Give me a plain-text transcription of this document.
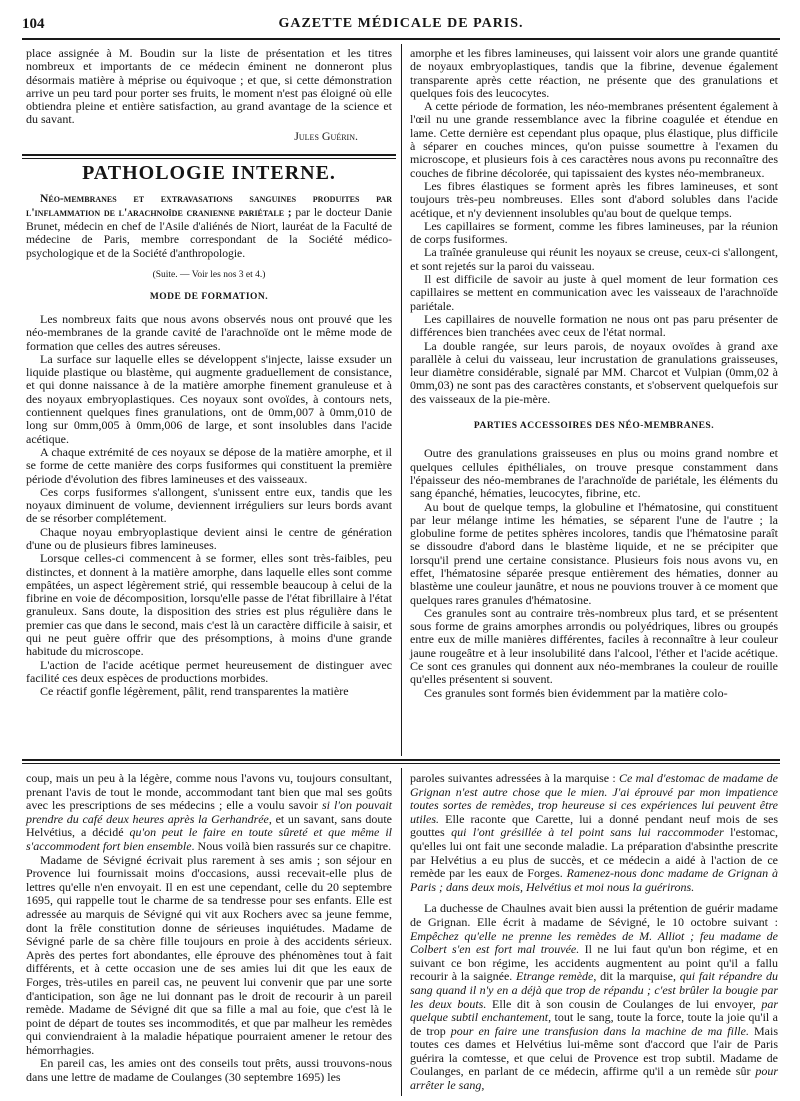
104	GAZETTE MÉDICALE DE PARIS.

place assignée à M. Boudin sur la liste de présentation et les titres nombreux et importants de ce médecin éminent ne donneront plus désormais matière à méprise ou équivoque ; et que, si cette démonstration arrive un peu tard pour porter ses fruits, le moment n'est pas éloigné où elle obtiendra pleine et entière satisfaction, au grand avantage de la science et du savant.

Jules Guérin.
PATHOLOGIE INTERNE.
Néo-membranes et extravasations sanguines produites par l'inflammation de l'arachnoïde cranienne pariétale ; par le docteur Danie Brunet, médecin en chef de l'Asile d'aliénés de Niort, lauréat de la Faculté de médecine de Paris, membre correspondant de la Société médico-psychologique et de la Société d'anthropologie.
(Suite. — Voir les nos 3 et 4.)
MODE DE FORMATION.

Les nombreux faits que nous avons observés nous ont prouvé que les néo-membranes de la grande cavité de l'arachnoïde ont le même mode de formation que celles des autres séreuses.

La surface sur laquelle elles se développent s'injecte, laisse exsuder un liquide plastique ou blastème, qui augmente graduellement de consistance, et qui donne naissance à de la matière amorphe finement granuleuse et à des noyaux embryoplastiques. Ces noyaux sont ovoïdes, à contours nets, contiennent quelques fines granulations, ont de 0mm,007 à 0mm,010 de long sur 0mm,005 à 0mm,006 de large, et sont insolubles dans l'acide acétique.

A chaque extrémité de ces noyaux se dépose de la matière amorphe, et il se forme de cette manière des corps fusiformes qui constituent la première période d'évolution des fibres lamineuses et des vaisseaux.

Ces corps fusiformes s'allongent, s'unissent entre eux, tandis que les noyaux diminuent de volume, deviennent irréguliers sur leurs bords avant de se résorber complétement.

Chaque noyau embryoplastique devient ainsi le centre de génération d'une ou de plusieurs fibres lamineuses.

Lorsque celles-ci commencent à se former, elles sont très-faibles, peu distinctes, et donnent à la matière amorphe, dans laquelle elles sont comme empâtées, un aspect légèrement strié, qui ressemble beaucoup à celui de la fibrine en voie de décomposition, lorsqu'elle passe de l'état fibrillaire à l'état granuleux. Sans doute, la disposition des stries est plus régulière dans le premier cas que dans le second, mais c'est là un caractère difficile à saisir, et qui ne peut guère offrir que des présomptions, à moins d'une grande habitude du microscope.

L'action de l'acide acétique permet heureusement de distinguer avec facilité ces deux espèces de productions morbides.

Ce réactif gonfle légèrement, pâlit, rend transparentes la matière

amorphe et les fibres lamineuses, qui laissent voir alors une grande quantité de noyaux embryoplastiques, tandis que la fibrine, devenue également transparente après cette réaction, ne présente que des granulations et quelques fois des leucocytes.

A cette période de formation, les néo-membranes présentent également à l'œil nu une grande ressemblance avec la fibrine coagulée et étendue en lame. Cette dernière est cependant plus opaque, plus élastique, plus difficile à séparer en couches minces, qu'on puisse soumettre à l'examen du microscope, et plusieurs fois à ces caractères nous avons pu reconnaître des couches de fibrine décolorée, qui tapissaient des kystes néo-membraneux.

Les fibres élastiques se forment après les fibres lamineuses, et sont toujours très-peu nombreuses. Elles sont d'abord solubles dans l'acide acétique, et n'y deviennent insolubles qu'au bout de quelque temps.

Les capillaires se forment, comme les fibres lamineuses, par la réunion de corps fusiformes.

La traînée granuleuse qui réunit les noyaux se creuse, ceux-ci s'allongent, et sont rejetés sur la paroi du vaisseau.

Il est difficile de savoir au juste à quel moment de leur formation ces capillaires se mettent en communication avec les vaisseaux de l'arachnoïde pariétale.

Les capillaires de nouvelle formation ne nous ont pas paru présenter de différences bien tranchées avec ceux de l'état normal.

La double rangée, sur leurs parois, de noyaux ovoïdes à grand axe parallèle à celui du vaisseau, leur incrustation de granulations graisseuses, leur diamètre considérable, signalé par MM. Charcot et Vulpian (0mm,02 à 0mm,03) ne sont pas des caractères constants, et s'observent quelquefois sur des vaisseaux de la pie-mère.

PARTIES ACCESSOIRES DES NÉO-MEMBRANES.

Outre des granulations graisseuses en plus ou moins grand nombre et quelques cellules épithéliales, on trouve presque constamment dans l'épaisseur des néo-membranes de l'arachnoïde de pariétale, les éléments du sang épanché, hématies, leucocytes, fibrine, etc.

Au bout de quelque temps, la globuline et l'hématosine, qui constituent par leur mélange intime les hématies, se séparent l'une de l'autre ; la globuline forme de petites sphères incolores, tandis que l'hématosine paraît se dissoudre d'abord dans le blastème liquide, et ne se précipiter que lorsqu'il prend une certaine consistance. Plusieurs fois nous avons vu, en effet, l'hématosine séparée presque entièrement des hématies, donner au blastème une couleur jaunâtre, et nous ne pouvions trouver à ce moment que quelques rares granules d'hématosine.

Ces granules sont au contraire très-nombreux plus tard, et se présentent sous forme de grains amorphes arrondis ou polyédriques, libres ou groupés entre eux de mille manières différentes, faciles à reconnaître à leur couleur jaune rougeâtre et à leur insolubilité dans l'alcool, l'éther et l'acide acétique. Ce sont ces granules qui donnent aux néo-membranes la couleur de rouille qu'elles présentent si souvent.

Ces granules sont formés bien évidemment par la matière colo-

coup, mais un peu à la légère, comme nous l'avons vu, toujours consultant, prenant l'avis de tout le monde, accommodant tant bien que mal ses goûts avec les prescriptions de ses médecins ; elle a voulu savoir si l'on pouvait prendre du café deux heures après la Gerhandrée, et un savant, sans doute Helvétius, a décidé qu'on peut le faire en toute sûreté et que même il s'accommodent fort bien ensemble. Nous voilà bien rassurés sur ce chapitre.

Madame de Sévigné écrivait plus rarement à ses amis ; son séjour en Provence lui fournissait moins d'occasions, aussi recevait-elle plus de lettres qu'elle n'en envoyait. Il en est une cependant, celle du 20 septembre 1695, qui rappelle tout le charme de sa tendresse pour ses enfants. Elle est adressée au marquis de Sévigné qui vit aux Rochers avec sa jeune femme, dont la frêle constitution donne de sérieuses inquiétudes. Madame de Sévigné parle de sa chère fille toujours en proie à des accidents sérieux. Après des pertes fort abondantes, elle éprouve des phénomènes tout à fait différents, et à cette occasion une de ses amies lui dit que les eaux de Forges, très-utiles en pareil cas, ne peuvent lui convenir que par une sorte d'anticipation, son âge ne lui donnant pas le droit de recourir à un pareil remède. Madame de Sévigné dit que sa fille a mal au foie, que c'est là le point de départ de toutes ses incommodités, et que par malheur les remèdes qui conviendraient à la maladie hépatique pourraient amener le retour des hémorrhagies.

En pareil cas, les amies ont des conseils tout prêts, aussi trouvons-nous dans une lettre de madame de Coulanges (30 septembre 1695) les

paroles suivantes adressées à la marquise : Ce mal d'estomac de madame de Grignan n'est autre chose que le mien. J'ai éprouvé par mon impatience toutes sortes de remèdes, trop heureuse si ces expériences lui peuvent être utiles. Elle raconte que Carette, lui a donné pendant neuf mois de ses gouttes qui l'ont grésillée à tel point sans lui raccommoder l'estomac, qu'elles lui ont fait une seconde maladie. La préparation d'absinthe prescrite par Helvétius a eu plus de succès, et ce médecin a aidé à l'action de ce remède par les eaux de Forges. Ramenez-nous donc madame de Grignan à Paris ; dans deux mois, Helvétius et moi nous la guérirons.

La duchesse de Chaulnes avait bien aussi la prétention de guérir madame de Grignan. Elle écrit à madame de Sévigné, le 10 octobre suivant : Empêchez qu'elle ne prenne les remèdes de M. Alliot ; feu madame de Colbert s'en est fort mal trouvée. Il ne lui faut qu'un bon régime, et en suivant ce bon régime, les accidents augmentent au point qu'il a fallu recourir à la saignée. Etrange remède, dit la marquise, qui fait répandre du sang quand il n'y en a déjà que trop de répandu ; c'est brûler la bougie par les deux bouts. Elle dit à son cousin de Coulanges de lui envoyer, par quelque subtil enchantement, tout le sang, toute la force, toute la joie qu'il a de trop pour en faire une transfusion dans la machine de ma fille. Mais toutes ces dames et Helvétius lui-même sont d'accord que l'air de Paris guérira la comtesse, et que celui de Provence est trop subtil. Madame de Coulanges, en parlant de ce médecin, affirme qu'il a un remède sûr pour arrêter le sang,
